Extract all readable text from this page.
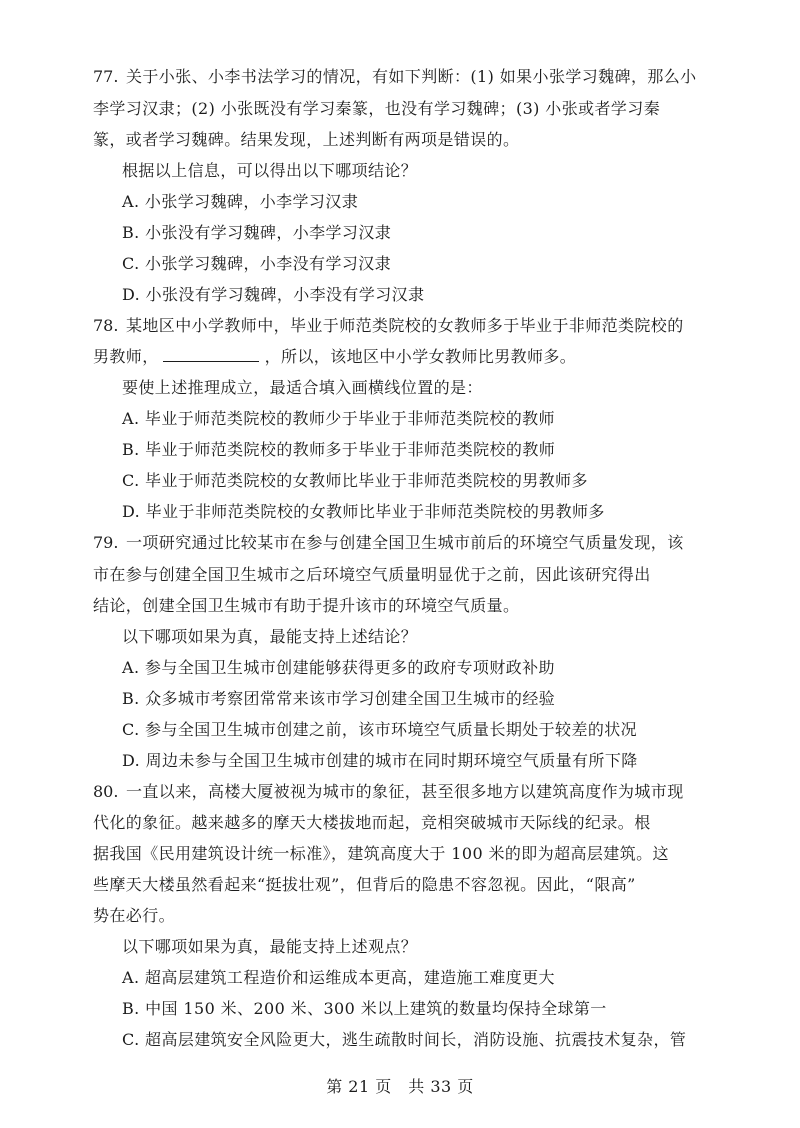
77. 关于小张、小李书法学习的情况，有如下判断：(1) 如果小张学习魏碑，那么小
李学习汉隶；(2) 小张既没有学习秦篆，也没有学习魏碑；(3) 小张或者学习秦
篆，或者学习魏碑。结果发现，上述判断有两项是错误的。
根据以上信息，可以得出以下哪项结论？
A. 小张学习魏碑，小李学习汉隶
B. 小张没有学习魏碑，小李学习汉隶
C. 小张学习魏碑，小李没有学习汉隶
D. 小张没有学习魏碑，小李没有学习汉隶
78. 某地区中小学教师中，毕业于师范类院校的女教师多于毕业于非师范类院校的
男教师，	，所以，该地区中小学女教师比男教师多。
要使上述推理成立，最适合填入画横线位置的是：
A. 毕业于师范类院校的教师少于毕业于非师范类院校的教师
B. 毕业于师范类院校的教师多于毕业于非师范类院校的教师
C. 毕业于师范类院校的女教师比毕业于非师范类院校的男教师多
D. 毕业于非师范类院校的女教师比毕业于非师范类院校的男教师多
79. 一项研究通过比较某市在参与创建全国卫生城市前后的环境空气质量发现，该
市在参与创建全国卫生城市之后环境空气质量明显优于之前，因此该研究得出
结论，创建全国卫生城市有助于提升该市的环境空气质量。
以下哪项如果为真，最能支持上述结论？
A. 参与全国卫生城市创建能够获得更多的政府专项财政补助
B. 众多城市考察团常常来该市学习创建全国卫生城市的经验
C. 参与全国卫生城市创建之前，该市环境空气质量长期处于较差的状况
D. 周边未参与全国卫生城市创建的城市在同时期环境空气质量有所下降
80. 一直以来，高楼大厦被视为城市的象征，甚至很多地方以建筑高度作为城市现
代化的象征。越来越多的摩天大楼拔地而起，竞相突破城市天际线的纪录。根
据我国《民用建筑设计统一标准》，建筑高度大于 100 米的即为超高层建筑。这
些摩天大楼虽然看起来“挺拔壮观”，但背后的隐患不容忽视。因此，“限高”
势在必行。
以下哪项如果为真，最能支持上述观点？
A. 超高层建筑工程造价和运维成本更高，建造施工难度更大
B. 中国 150 米、200 米、300 米以上建筑的数量均保持全球第一
C. 超高层建筑安全风险更大，逃生疏散时间长，消防设施、抗震技术复杂，管
第 21 页　共 33 页
